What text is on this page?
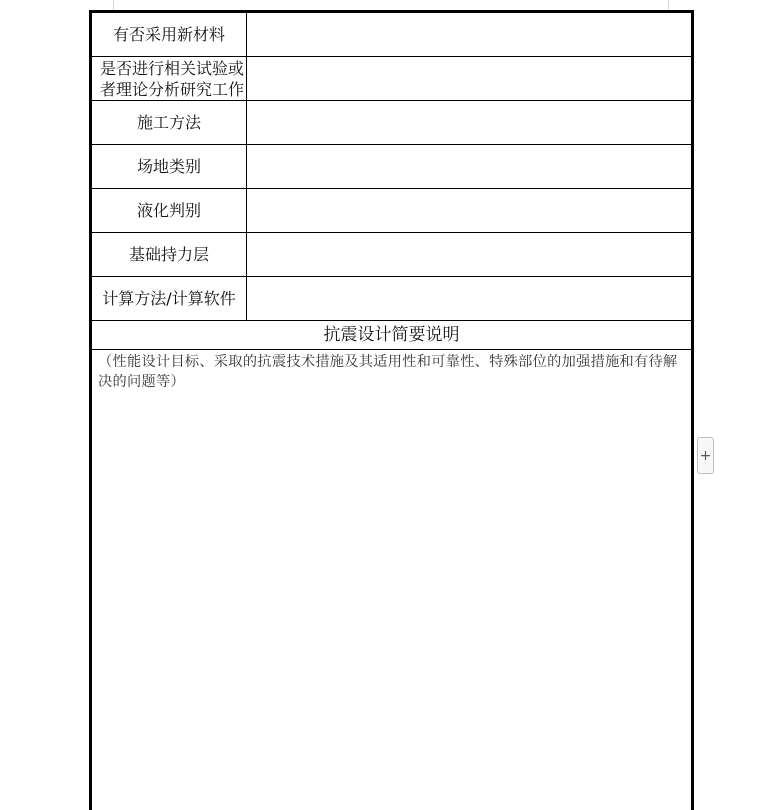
有否采用新材料
是否进行相关试验或者理论分析研究工作
施工方法
场地类别
液化判别
基础持力层
计算方法/计算软件
抗震设计简要说明
（性能设计目标、采取的抗震技术措施及其适用性和可靠性、特殊部位的加强措施和有待解决的问题等）
+
